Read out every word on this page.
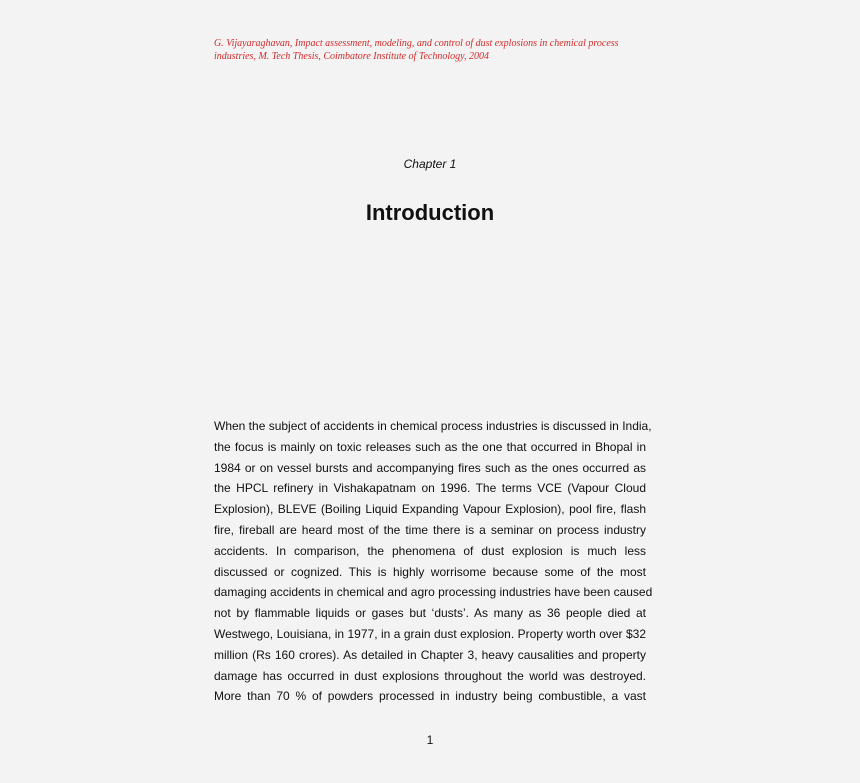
G. Vijayaraghavan, Impact assessment, modeling, and control of dust explosions in chemical process
industries, M. Tech Thesis, Coimbatore Institute of Technology, 2004
Chapter 1
Introduction
When the subject of accidents in chemical process industries is discussed in India,
the focus is mainly on toxic releases such as the one that occurred in Bhopal in
1984 or on vessel bursts and accompanying fires such as the ones occurred as
the HPCL refinery in Vishakapatnam on 1996. The terms VCE (Vapour Cloud
Explosion), BLEVE (Boiling Liquid Expanding Vapour Explosion), pool fire, flash
fire, fireball are heard most of the time there is a seminar on process industry
accidents. In comparison, the phenomena of dust explosion is much less
discussed or cognized. This is highly worrisome because some of the most
damaging accidents in chemical and agro processing industries have been caused
not by flammable liquids or gases but ‘dusts’. As many as 36 people died at
Westwego, Louisiana, in 1977, in a grain dust explosion. Property worth over $32
million (Rs 160 crores). As detailed in Chapter 3, heavy causalities and property
damage has occurred in dust explosions throughout the world was destroyed.
More than 70 % of powders processed in industry being combustible, a vast
1
